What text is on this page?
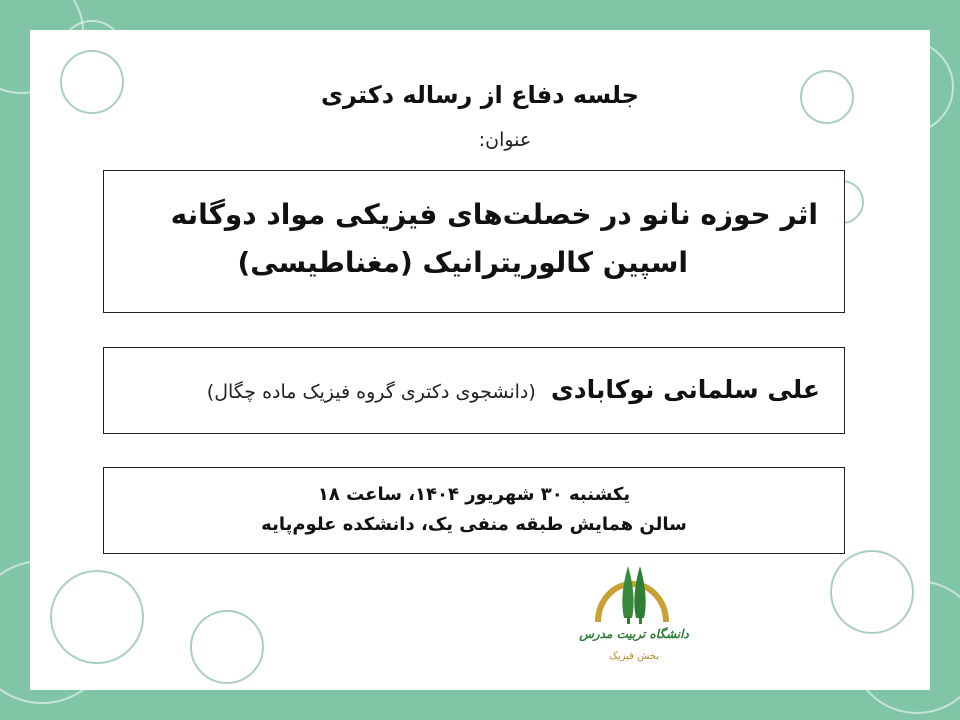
جلسه دفاع از رساله دکتری
عنوان:
اثر حوزه نانو در خصلت‌های فیزیکی مواد دوگانه
اسپین کالوریترانیک (مغناطیسی)
علی سلمانی نوکابادی (دانشجوی دکتری گروه فیزیک ماده چگال)
یکشنبه ۳۰ شهریور ۱۴۰۴، ساعت ۱۸
سالن همایش طبقه منفی یک، دانشکده علوم‌پایه
دانشگاه تربیت مدرس
بخش فیزیک
